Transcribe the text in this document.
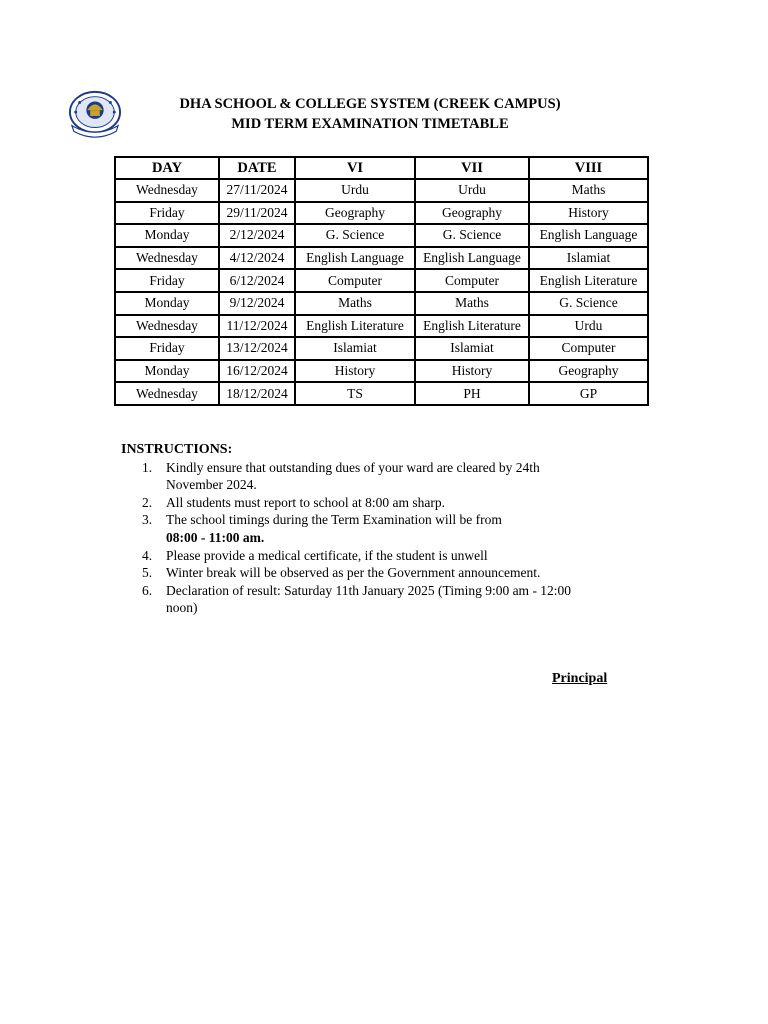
DHA SCHOOL & COLLEGE SYSTEM (CREEK CAMPUS)
MID TERM EXAMINATION TIMETABLE
DAY	DATE	VI	VII	VIII
Wednesday	27/11/2024	Urdu	Urdu	Maths
Friday	29/11/2024	Geography	Geography	History
Monday	2/12/2024	G. Science	G. Science	English Language
Wednesday	4/12/2024	English Language	English Language	Islamiat
Friday	6/12/2024	Computer	Computer	English Literature
Monday	9/12/2024	Maths	Maths	G. Science
Wednesday	11/12/2024	English Literature	English Literature	Urdu
Friday	13/12/2024	Islamiat	Islamiat	Computer
Monday	16/12/2024	History	History	Geography
Wednesday	18/12/2024	TS	PH	GP
INSTRUCTIONS:
1. Kindly ensure that outstanding dues of your ward are cleared by 24th November 2024.
2. All students must report to school at 8:00 am sharp.
3. The school timings during the Term Examination will be from
08:00 - 11:00 am.
4. Please provide a medical certificate, if the student is unwell
5. Winter break will be observed as per the Government announcement.
6. Declaration of result: Saturday 11th January 2025 (Timing 9:00 am - 12:00 noon)
Principal
